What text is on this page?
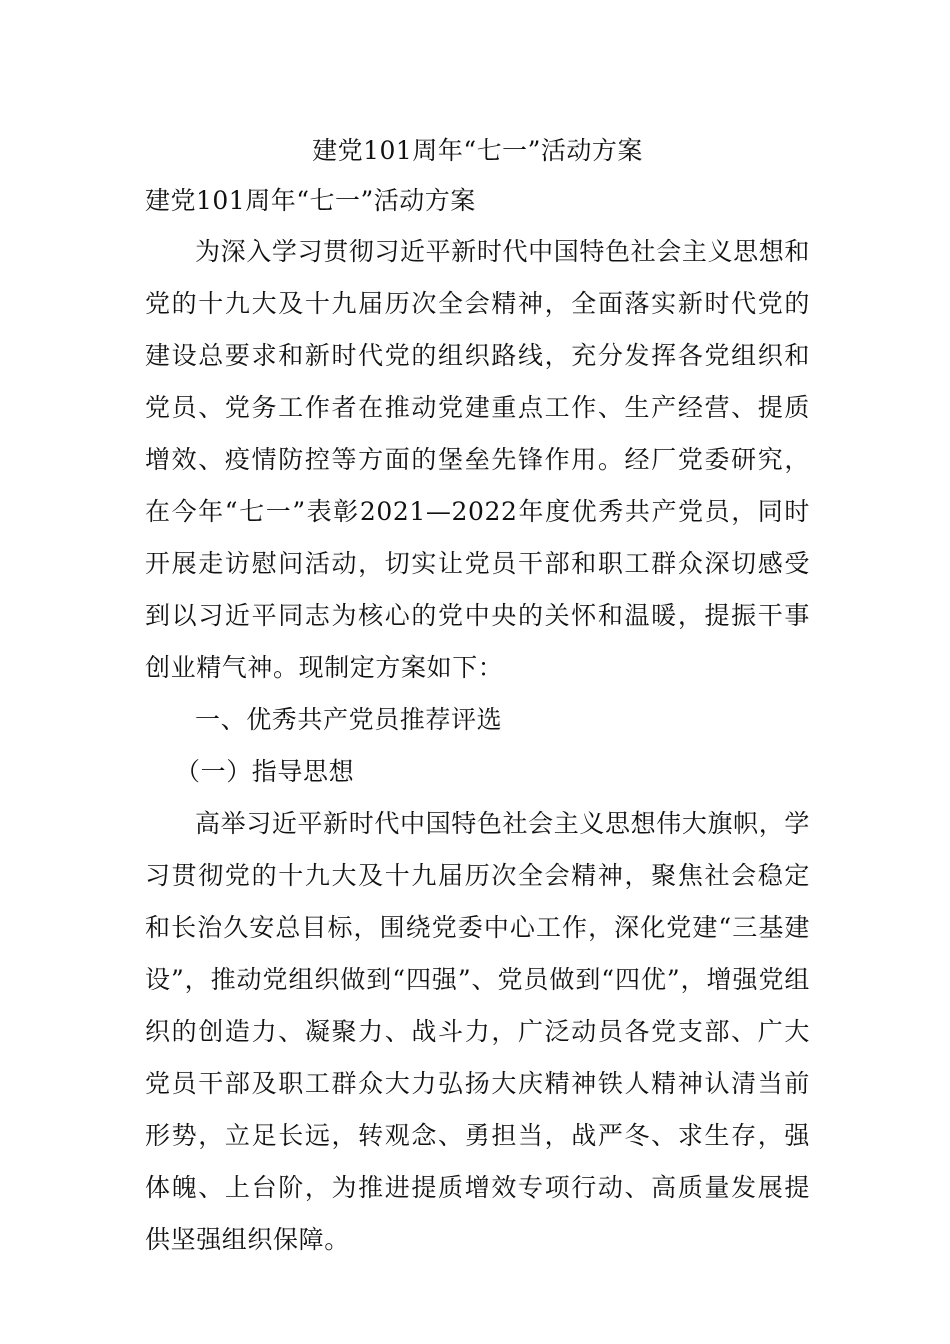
建党101周年“七一”活动方案
建党101周年“七一”活动方案

为深入学习贯彻习近平新时代中国特色社会主义思想和党的十九大及十九届历次全会精神，全面落实新时代党的建设总要求和新时代党的组织路线，充分发挥各党组织和党员、党务工作者在推动党建重点工作、生产经营、提质增效、疫情防控等方面的堡垒先锋作用。经厂党委研究，在今年“七一”表彰2021—2022年度优秀共产党员，同时开展走访慰问活动，切实让党员干部和职工群众深切感受到以习近平同志为核心的党中央的关怀和温暖，提振干事创业精气神。现制定方案如下：

一、优秀共产党员推荐评选

（一）指导思想

高举习近平新时代中国特色社会主义思想伟大旗帜，学习贯彻党的十九大及十九届历次全会精神，聚焦社会稳定和长治久安总目标，围绕党委中心工作，深化党建“三基建设”，推动党组织做到“四强”、党员做到“四优”，增强党组织的创造力、凝聚力、战斗力，广泛动员各党支部、广大党员干部及职工群众大力弘扬大庆精神铁人精神认清当前形势，立足长远，转观念、勇担当，战严冬、求生存，强体魄、上台阶，为推进提质增效专项行动、高质量发展提供坚强组织保障。
